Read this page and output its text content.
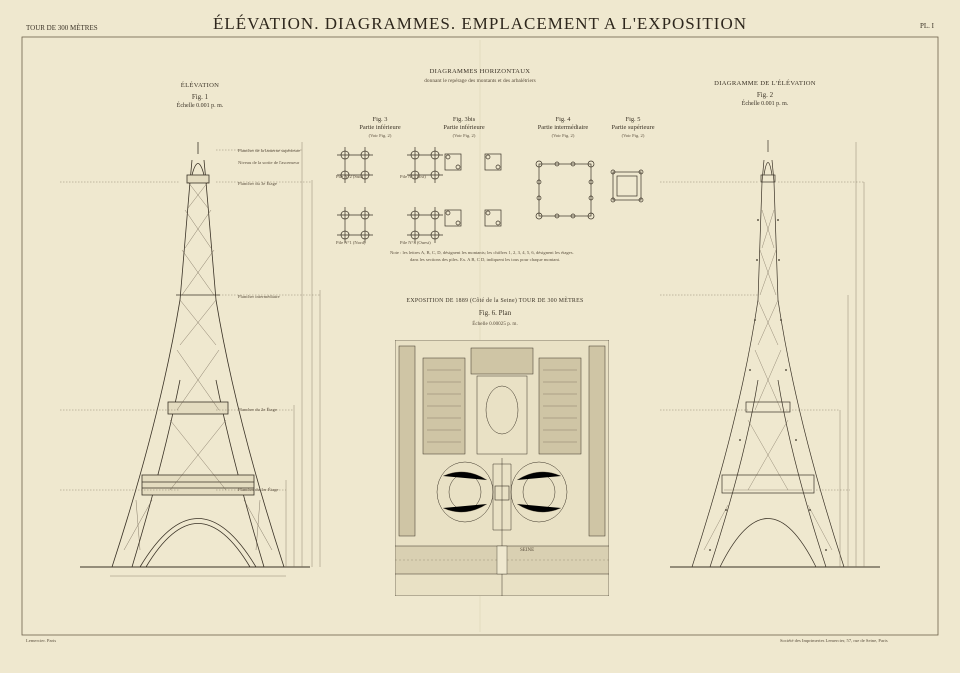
TOUR DE 300 MÈTRES	ÉLÉVATION. DIAGRAMMES. EMPLACEMENT A L'EXPOSITION	PL. I
ÉLÉVATION
Fig. 1
Échelle 0.001 p. m.
Plancher de la lanterne supérieure
Niveau de la sortie de l'ascenseur
Plancher du 3e Étage
Plancher intermédiaire
Plancher du 2e Étage
Plancher du 1er Étage
DIAGRAMMES HORIZONTAUX
donnant le repérage des montants et des arbalétriers
Fig. 3
Partie inférieure
(Voir Fig. 2)
Fig. 3bis
Partie inférieure
(Voir Fig. 2)
Fig. 4
Partie intermédiaire
(Voir Fig. 2)
Fig. 5
Partie supérieure
(Voir Fig. 2)
Pile N°2 (Sud)	Pile N°3 (Est)
Pile N°1 (Nord)	Pile N°4 (Ouest)
Note : les lettres A, B, C, D, désignent les montants; les chiffres 1, 2, 3, 4, 5, 6, désignent les étages.
dans les sections des piles. Ex. A B, C D, indiquent les tous pour chaque montant.
EXPOSITION DE 1889 (Côté de la Seine) TOUR DE 300 MÈTRES
Fig. 6. Plan
Échelle 0.00025 p. m.
SEINE
DIAGRAMME DE L'ÉLÉVATION
Fig. 2
Échelle 0.001 p. m.
Lemercier. Paris	Société des Imprimeries Lemercier, 57, rue de Seine, Paris
